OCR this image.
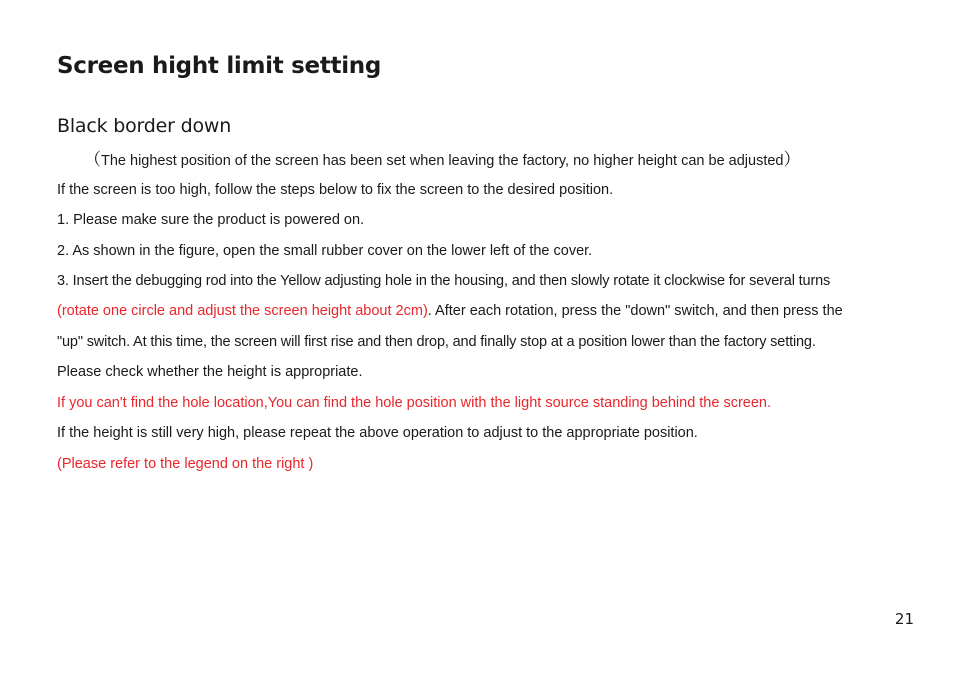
Screen hight limit setting
Black border down
（The highest position of the screen has been set when leaving the factory, no higher height can be adjusted）
If the screen is too high, follow the steps below to fix the screen to the desired position.
1. Please make sure the product is powered on.
2. As shown in the figure, open the small rubber cover on the lower left of the cover.
3. Insert the debugging rod into the Yellow adjusting hole in the housing, and then slowly rotate it clockwise for several turns
(rotate one circle and adjust the screen height about 2cm). After each rotation, press the "down" switch, and then press the
"up" switch. At this time, the screen will first rise and then drop, and finally stop at a position lower than the factory setting.
Please check whether the height is appropriate.
If you can't find the hole location,You can find the hole position with the light source standing behind the screen.
If the height is still very high, please repeat the above operation to adjust to the appropriate position.
(Please refer to the legend on the right )
21
